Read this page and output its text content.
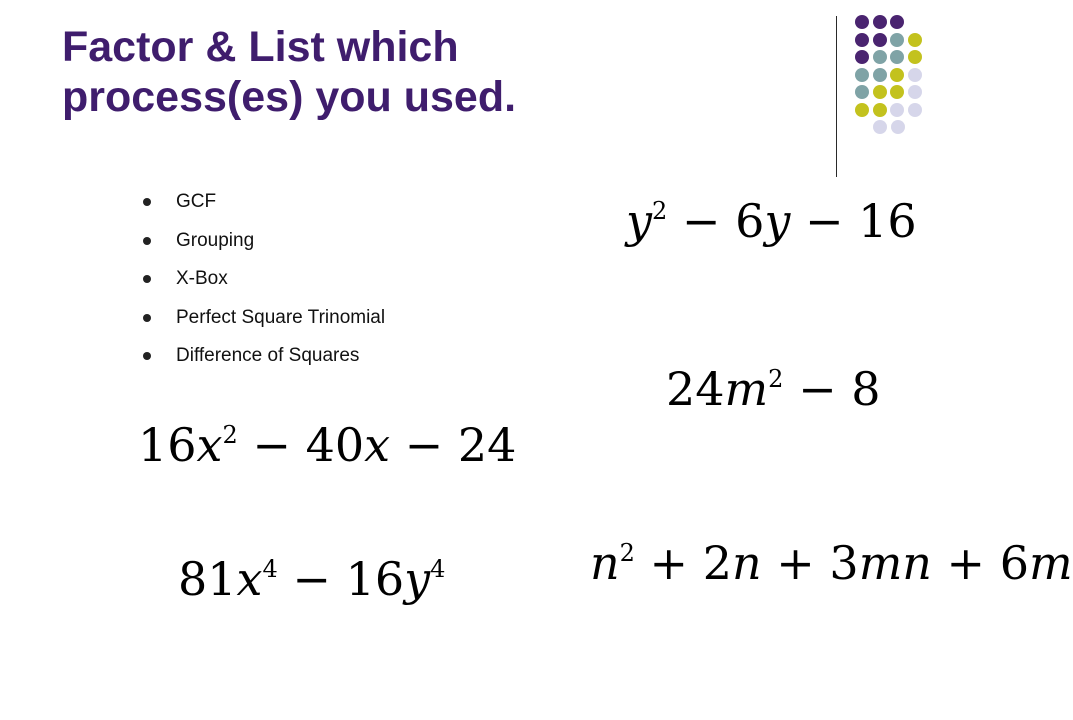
Factor & List which
process(es) you used.
GCF
Grouping
X-Box
Perfect Square Trinomial
Difference of Squares
$y^2 - 6y - 16$
$24m^2 - 8$
$16x^2 - 40x - 24$
$81x^4 - 16y^4$	$n^2 + 2n + 3mn + 6m$
